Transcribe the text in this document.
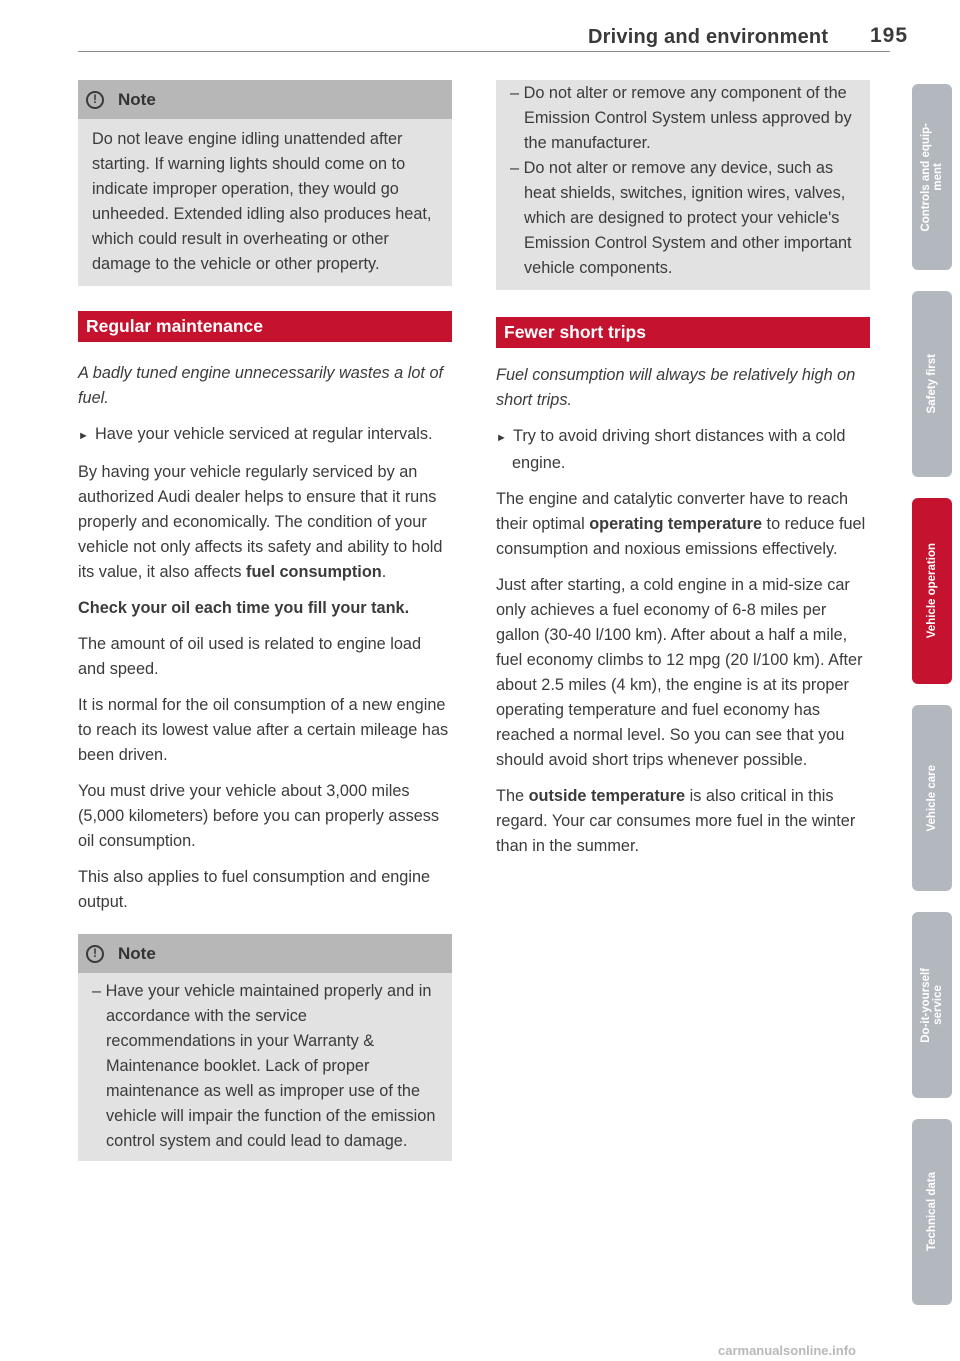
Driving and environment 195
!	Note

Do not leave engine idling unattended after starting. If warning lights should come on to indicate improper operation, they would go unheeded. Extended idling also produces heat, which could result in overheating or other damage to the vehicle or other property.

Regular maintenance

A badly tuned engine unnecessarily wastes a lot of fuel.

►  Have your vehicle serviced at regular intervals.

By having your vehicle regularly serviced by an authorized Audi dealer helps to ensure that it runs properly and economically. The condition of your vehicle not only affects its safety and ability to hold its value, it also affects fuel consumption.

Check your oil each time you fill your tank.

The amount of oil used is related to engine load and speed.

It is normal for the oil consumption of a new engine to reach its lowest value after a certain mileage has been driven.

You must drive your vehicle about 3,000 miles (5,000 kilometers) before you can properly assess oil consumption.

This also applies to fuel consumption and engine output.

!	Note

– Have your vehicle maintained properly and in accordance with the service recommendations in your Warranty & Maintenance booklet. Lack of proper maintenance as well as improper use of the vehicle will impair the function of the emission control system and could lead to damage.

– Do not alter or remove any component of the Emission Control System unless approved by the manufacturer.

– Do not alter or remove any device, such as heat shields, switches, ignition wires, valves, which are designed to protect your vehicle's Emission Control System and other important vehicle components.

Fewer short trips

Fuel consumption will always be relatively high on short trips.

►  Try to avoid driving short distances with a cold engine.

The engine and catalytic converter have to reach their optimal operating temperature to reduce fuel consumption and noxious emissions effectively.

Just after starting, a cold engine in a mid-size car only achieves a fuel economy of 6-8 miles per gallon (30-40 l/100 km). After about a half a mile, fuel economy climbs to 12 mpg (20 l/100 km). After about 2.5 miles (4 km), the engine is at its proper operating temperature and fuel economy has reached a normal level. So you can see that you should avoid short trips whenever possible.

The outside temperature is also critical in this regard. Your car consumes more fuel in the winter than in the summer.

Controls and equip-
ment
Safety first
Vehicle operation
Vehicle care
Do-it-yourself
service
Technical data
carmanualsonline.info
